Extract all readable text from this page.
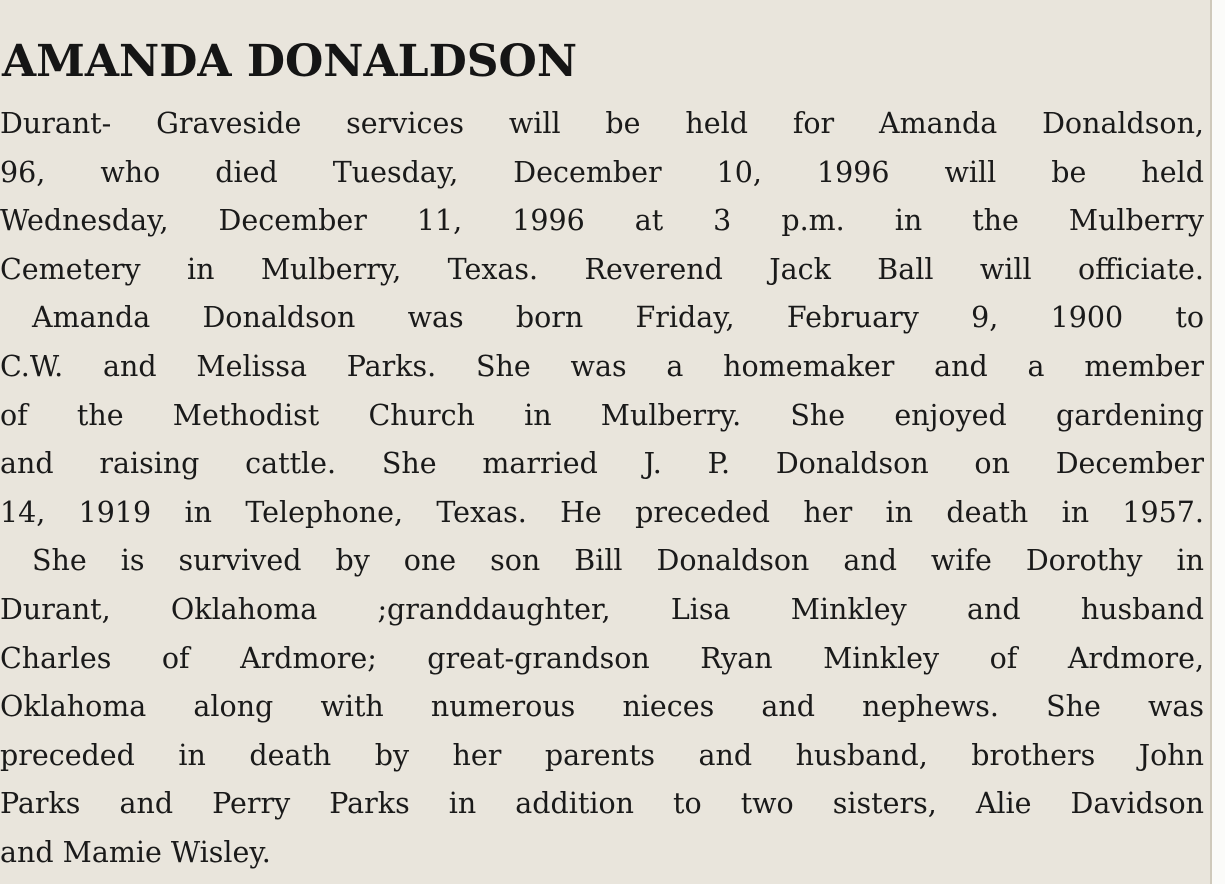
AMANDA DONALDSON
Durant- Graveside services will be held for Amanda Donaldson,
96, who died Tuesday, December 10, 1996 will be held
Wednesday, December 11, 1996 at 3 p.m. in the Mulberry
Cemetery in Mulberry, Texas. Reverend Jack Ball will officiate.
Amanda Donaldson was born Friday, February 9, 1900 to
C.W. and Melissa Parks. She was a homemaker and a member
of the Methodist Church in Mulberry. She enjoyed gardening
and raising cattle. She married J. P. Donaldson on December
14, 1919 in Telephone, Texas. He preceded her in death in 1957.
She is survived by one son Bill Donaldson and wife Dorothy in
Durant, Oklahoma ;granddaughter, Lisa Minkley and husband
Charles of Ardmore; great-grandson Ryan Minkley of Ardmore,
Oklahoma along with numerous nieces and nephews. She was
preceded in death by her parents and husband, brothers John
Parks and Perry Parks in addition to two sisters, Alie Davidson
and Mamie Wisley.
